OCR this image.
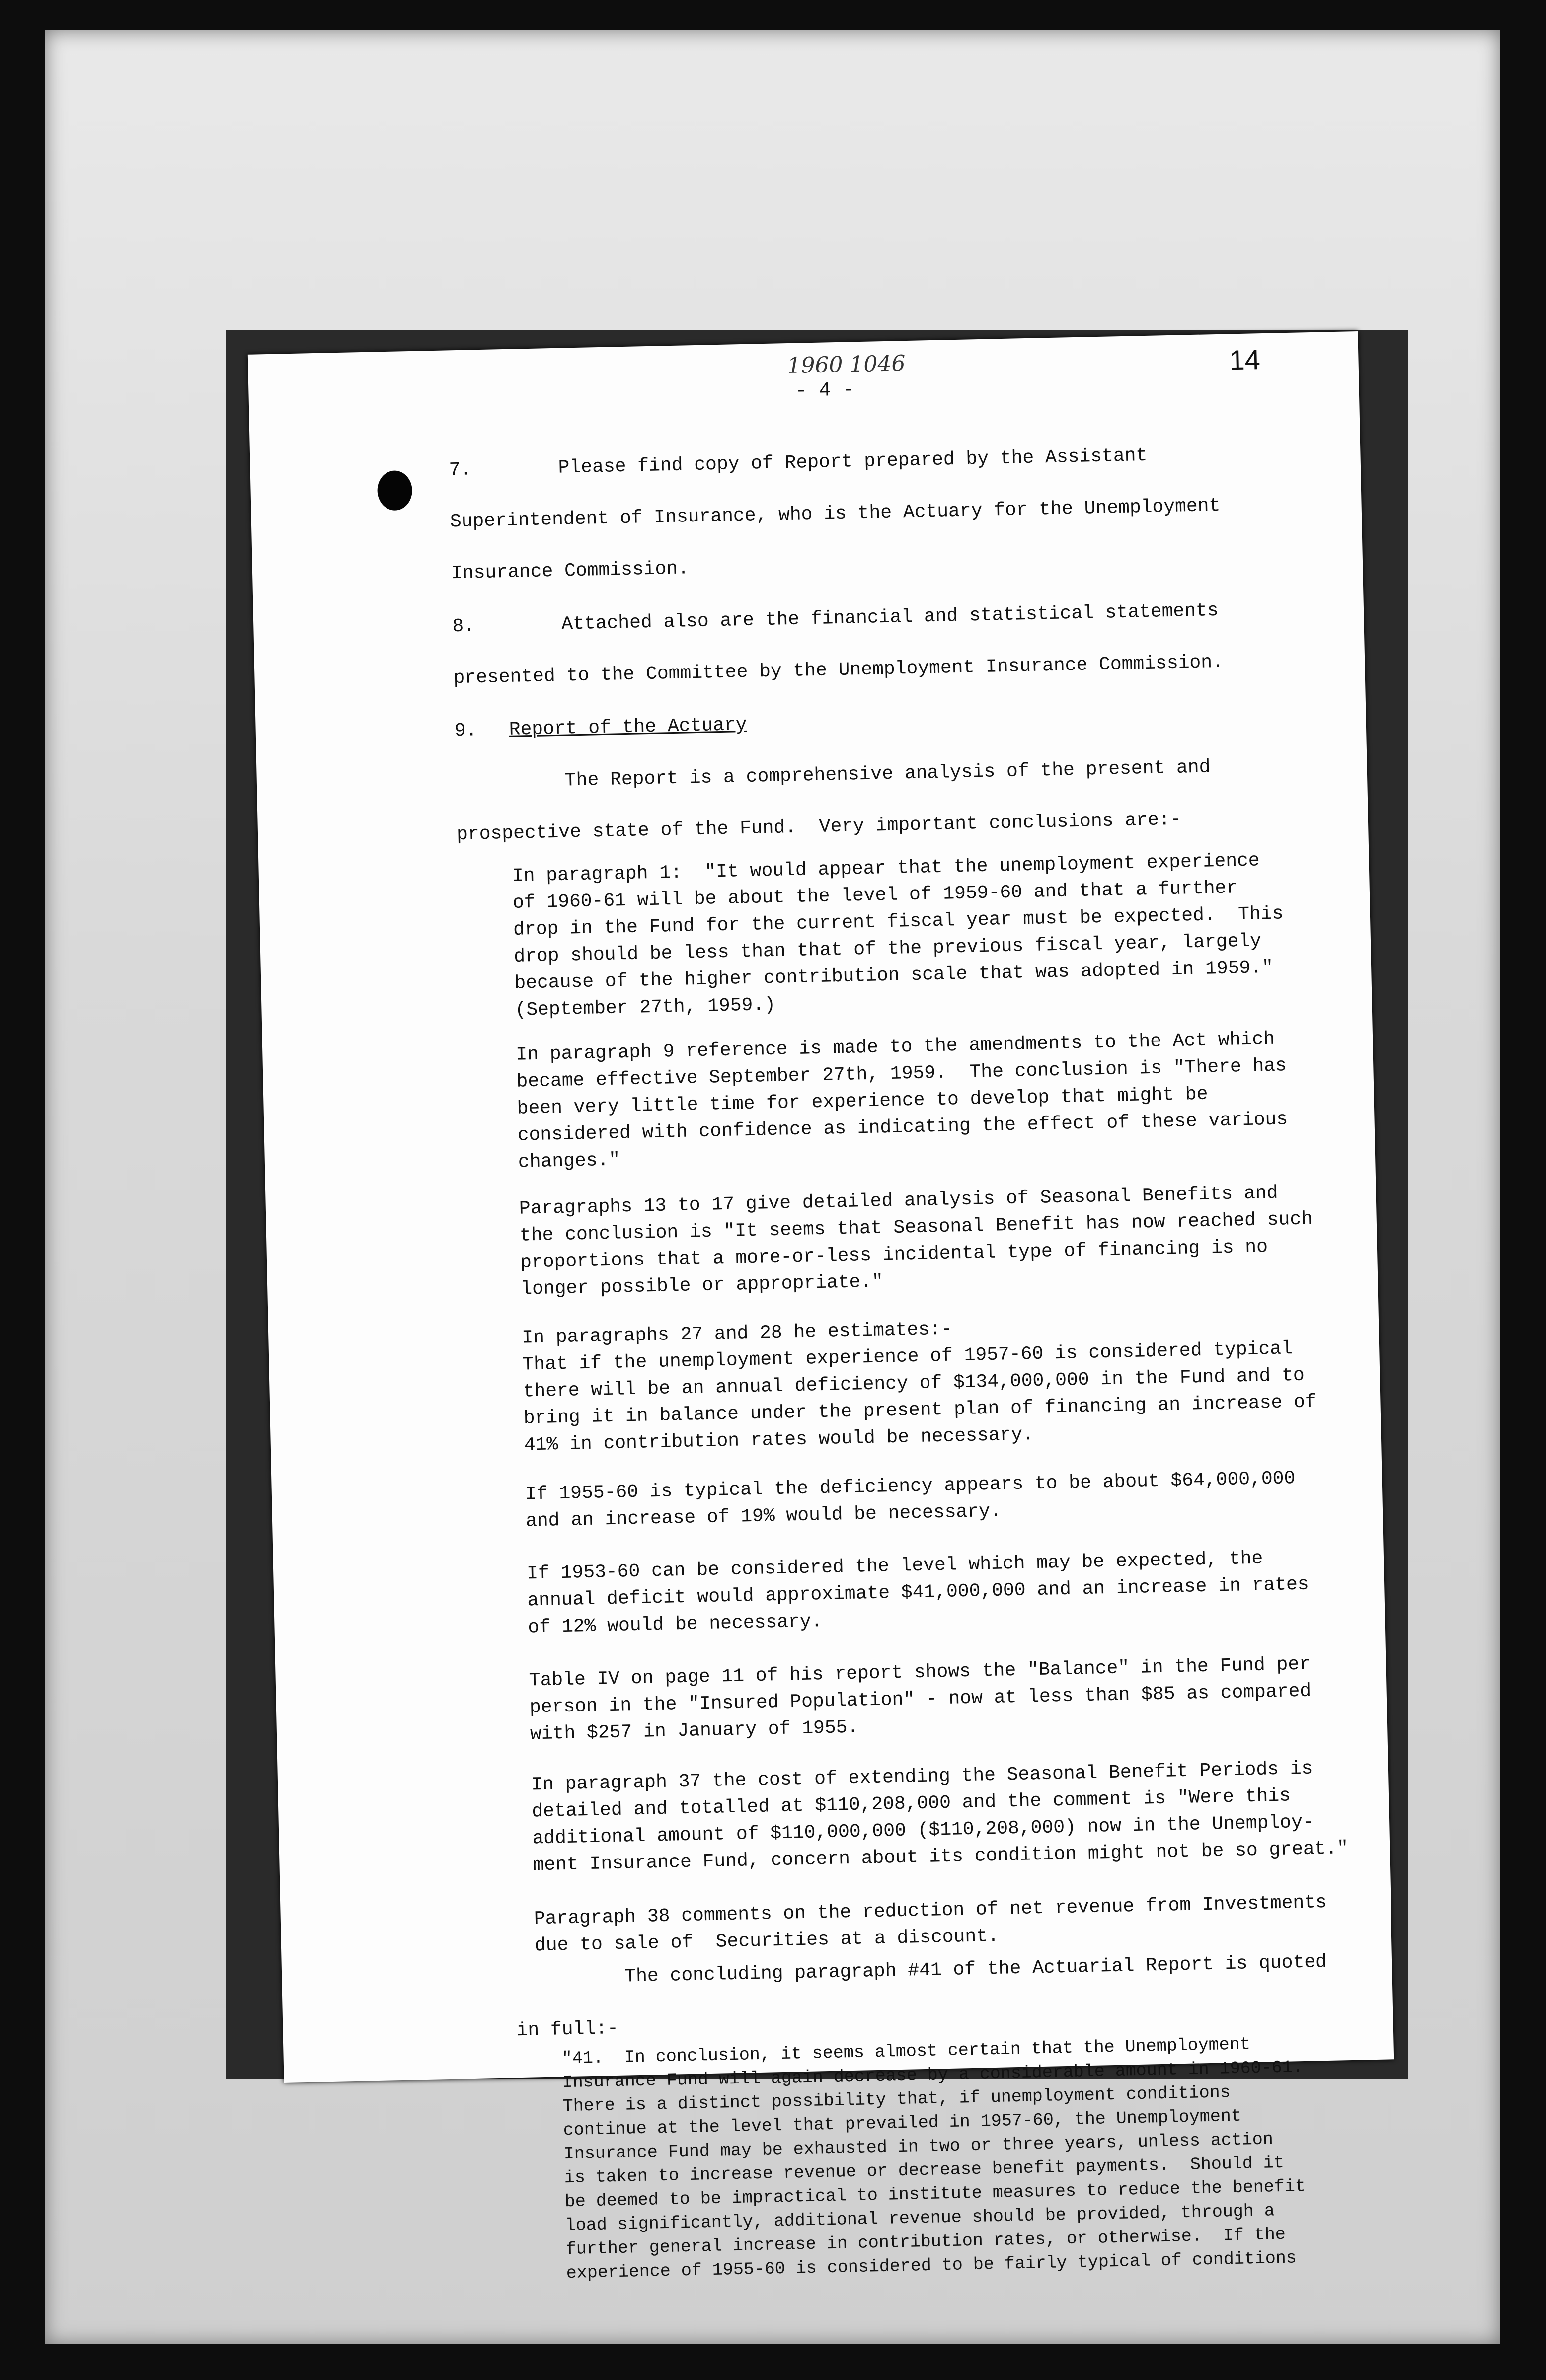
1960 1046
- 4 -
14
7.	Please find copy of Report prepared by the Assistant
Superintendent of Insurance, who is the Actuary for the Unemployment
Insurance Commission.
8.	Attached also are the financial and statistical statements
presented to the Committee by the Unemployment Insurance Commission.
9. Report of the Actuary
The Report is a comprehensive analysis of the present and
prospective state of the Fund.  Very important conclusions are:-
In paragraph 1:  "It would appear that the unemployment experience
of 1960-61 will be about the level of 1959-60 and that a further
drop in the Fund for the current fiscal year must be expected.  This
drop should be less than that of the previous fiscal year, largely
because of the higher contribution scale that was adopted in 1959."
(September 27th, 1959.)
In paragraph 9 reference is made to the amendments to the Act which
became effective September 27th, 1959.  The conclusion is "There has
been very little time for experience to develop that might be
considered with confidence as indicating the effect of these various
changes."
Paragraphs 13 to 17 give detailed analysis of Seasonal Benefits and
the conclusion is "It seems that Seasonal Benefit has now reached such
proportions that a more-or-less incidental type of financing is no
longer possible or appropriate."
In paragraphs 27 and 28 he estimates:-
That if the unemployment experience of 1957-60 is considered typical
there will be an annual deficiency of $134,000,000 in the Fund and to
bring it in balance under the present plan of financing an increase of
41% in contribution rates would be necessary.
If 1955-60 is typical the deficiency appears to be about $64,000,000
and an increase of 19% would be necessary.
If 1953-60 can be considered the level which may be expected, the
annual deficit would approximate $41,000,000 and an increase in rates
of 12% would be necessary.
Table IV on page 11 of his report shows the "Balance" in the Fund per
person in the "Insured Population" - now at less than $85 as compared
with $257 in January of 1955.
In paragraph 37 the cost of extending the Seasonal Benefit Periods is
detailed and totalled at $110,208,000 and the comment is "Were this
additional amount of $110,000,000 ($110,208,000) now in the Unemploy-
ment Insurance Fund, concern about its condition might not be so great."
Paragraph 38 comments on the reduction of net revenue from Investments
due to sale of  Securities at a discount.
The concluding paragraph #41 of the Actuarial Report is quoted
in full:-
"41.  In conclusion, it seems almost certain that the Unemployment
Insurance Fund will again decrease by a considerable amount in 1960-61.
There is a distinct possibility that, if unemployment conditions
continue at the level that prevailed in 1957-60, the Unemployment
Insurance Fund may be exhausted in two or three years, unless action
is taken to increase revenue or decrease benefit payments.  Should it
be deemed to be impractical to institute measures to reduce the benefit
load significantly, additional revenue should be provided, through a
further general increase in contribution rates, or otherwise.  If the
experience of 1955-60 is considered to be fairly typical of conditions
